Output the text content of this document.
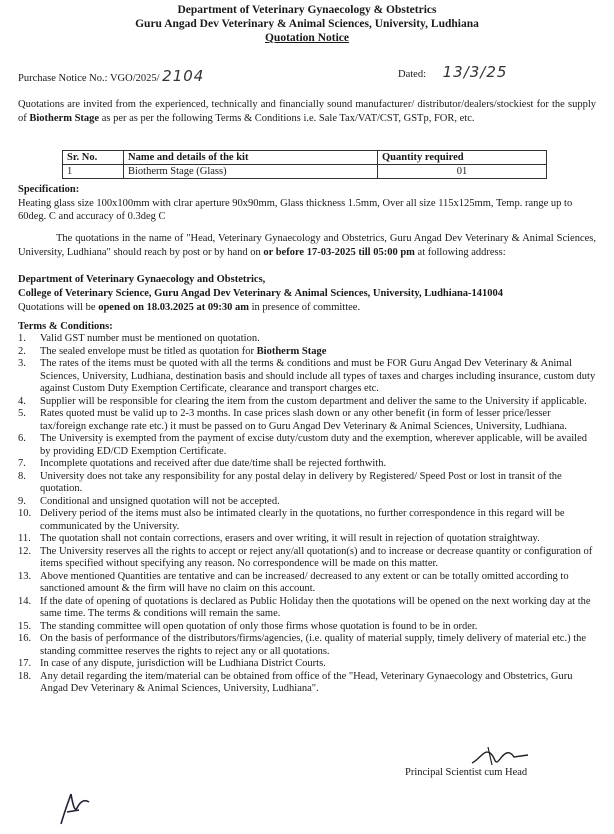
Department of Veterinary Gynaecology & Obstetrics
Guru Angad Dev Veterinary & Animal Sciences, University, Ludhiana
Quotation Notice
Purchase Notice No.: VGO/2025/ 2104	Dated: 13/3/25
Quotations are invited from the experienced, technically and financially sound manufacturer/ distributor/dealers/stockiest for the supply of Biotherm Stage as per as per the following Terms & Conditions i.e. Sale Tax/VAT/CST, GSTp, FOR, etc.
Sr. No.	Name and details of the kit	Quantity required
1	Biotherm Stage (Glass)	01
Specification:
Heating glass size 100x100mm with clrar aperture 90x90mm, Glass thickness 1.5mm, Over all size 115x125mm, Temp. range up to 60deg. C and accuracy of 0.3deg C
The quotations in the name of "Head, Veterinary Gynaecology and Obstetrics, Guru Angad Dev Veterinary & Animal Sciences, University, Ludhiana" should reach by post or by hand on or before 17-03-2025 till 05:00 pm at following address:
Department of Veterinary Gynaecology and Obstetrics,
College of Veterinary Science, Guru Angad Dev Veterinary & Animal Sciences, University, Ludhiana-141004
Quotations will be opened on 18.03.2025 at 09:30 am in presence of committee.
Terms & Conditions:
1. Valid GST number must be mentioned on quotation.
2. The sealed envelope must be titled as quotation for Biotherm Stage
3. The rates of the items must be quoted with all the terms & conditions and must be FOR Guru Angad Dev Veterinary & Animal Sciences, University, Ludhiana, destination basis and should include all types of taxes and charges including insurance, custom duty against Custom Duty Exemption Certificate, clearance and transport charges etc.
4. Supplier will be responsible for clearing the item from the custom department and deliver the same to the University if applicable.
5. Rates quoted must be valid up to 2-3 months. In case prices slash down or any other benefit (in form of lesser price/lesser tax/foreign exchange rate etc.) it must be passed on to Guru Angad Dev Veterinary & Animal Sciences, University, Ludhiana.
6. The University is exempted from the payment of excise duty/custom duty and the exemption, wherever applicable, will be availed by providing ED/CD Exemption Certificate.
7. Incomplete quotations and received after due date/time shall be rejected forthwith.
8. University does not take any responsibility for any postal delay in delivery by Registered/ Speed Post or lost in transit of the quotation.
9. Conditional and unsigned quotation will not be accepted.
10. Delivery period of the items must also be intimated clearly in the quotations, no further correspondence in this regard will be communicated by the University.
11. The quotation shall not contain corrections, erasers and over writing, it will result in rejection of quotation straightway.
12. The University reserves all the rights to accept or reject any/all quotation(s) and to increase or decrease quantity or configuration of items specified without specifying any reason. No correspondence will be made on this matter.
13. Above mentioned Quantities are tentative and can be increased/ decreased to any extent or can be totally omitted according to sanctioned amount & the firm will have no claim on this account.
14. If the date of opening of quotations is declared as Public Holiday then the quotations will be opened on the next working day at the same time. The terms & conditions will remain the same.
15. The standing committee will open quotation of only those firms whose quotation is found to be in order.
16. On the basis of performance of the distributors/firms/agencies, (i.e. quality of material supply, timely delivery of material etc.) the standing committee reserves the rights to reject any or all quotations.
17. In case of any dispute, jurisdiction will be Ludhiana District Courts.
18. Any detail regarding the item/material can be obtained from office of the "Head, Veterinary Gynaecology and Obstetrics, Guru Angad Dev Veterinary & Animal Sciences, University, Ludhiana".
Principal Scientist cum Head
